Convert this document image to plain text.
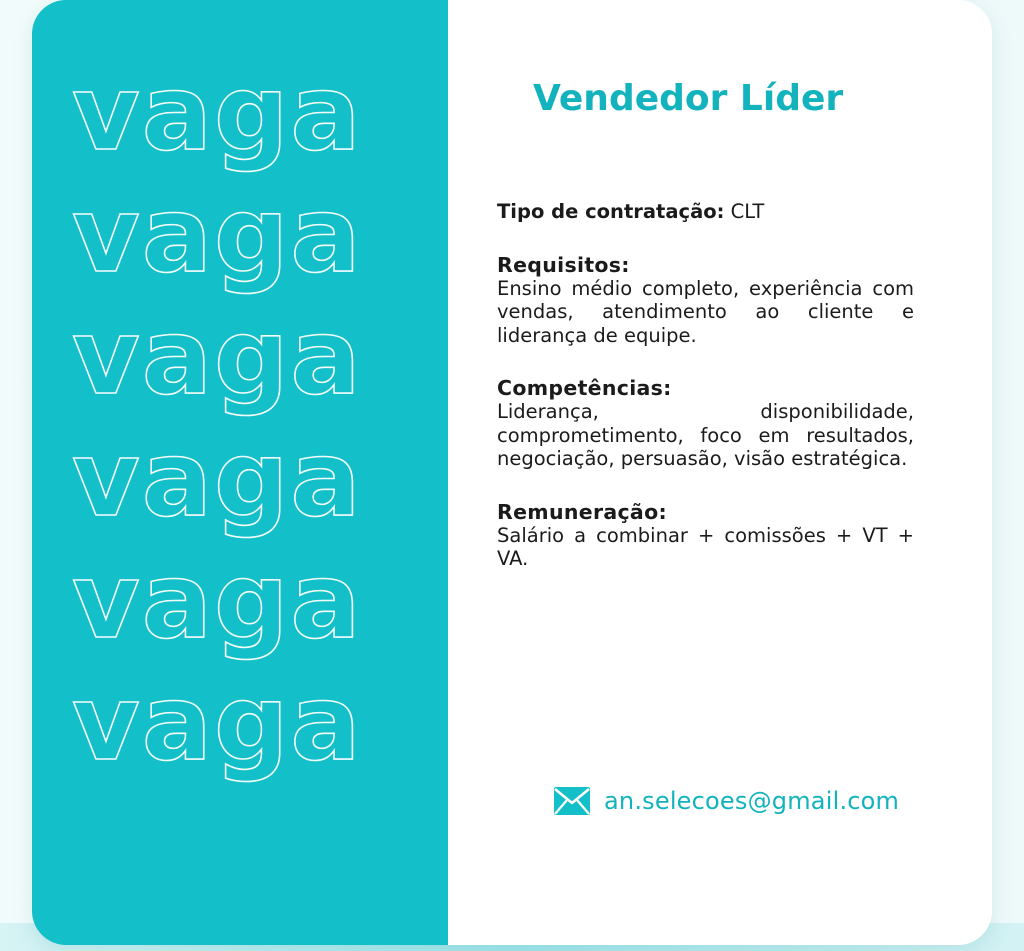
vaga
vaga
vaga
vaga
vaga
vaga
Vendedor Líder

Tipo de contratação: CLT

Requisitos:

Ensino médio completo, experiência com vendas, atendimento ao cliente e liderança de equipe.

Competências:

Liderança, disponibilidade, comprometimento, foco em resultados, negociação, persuasão, visão estratégica.

Remuneração:

Salário a combinar + comissões + VT + VA.

an.selecoes@gmail.com
